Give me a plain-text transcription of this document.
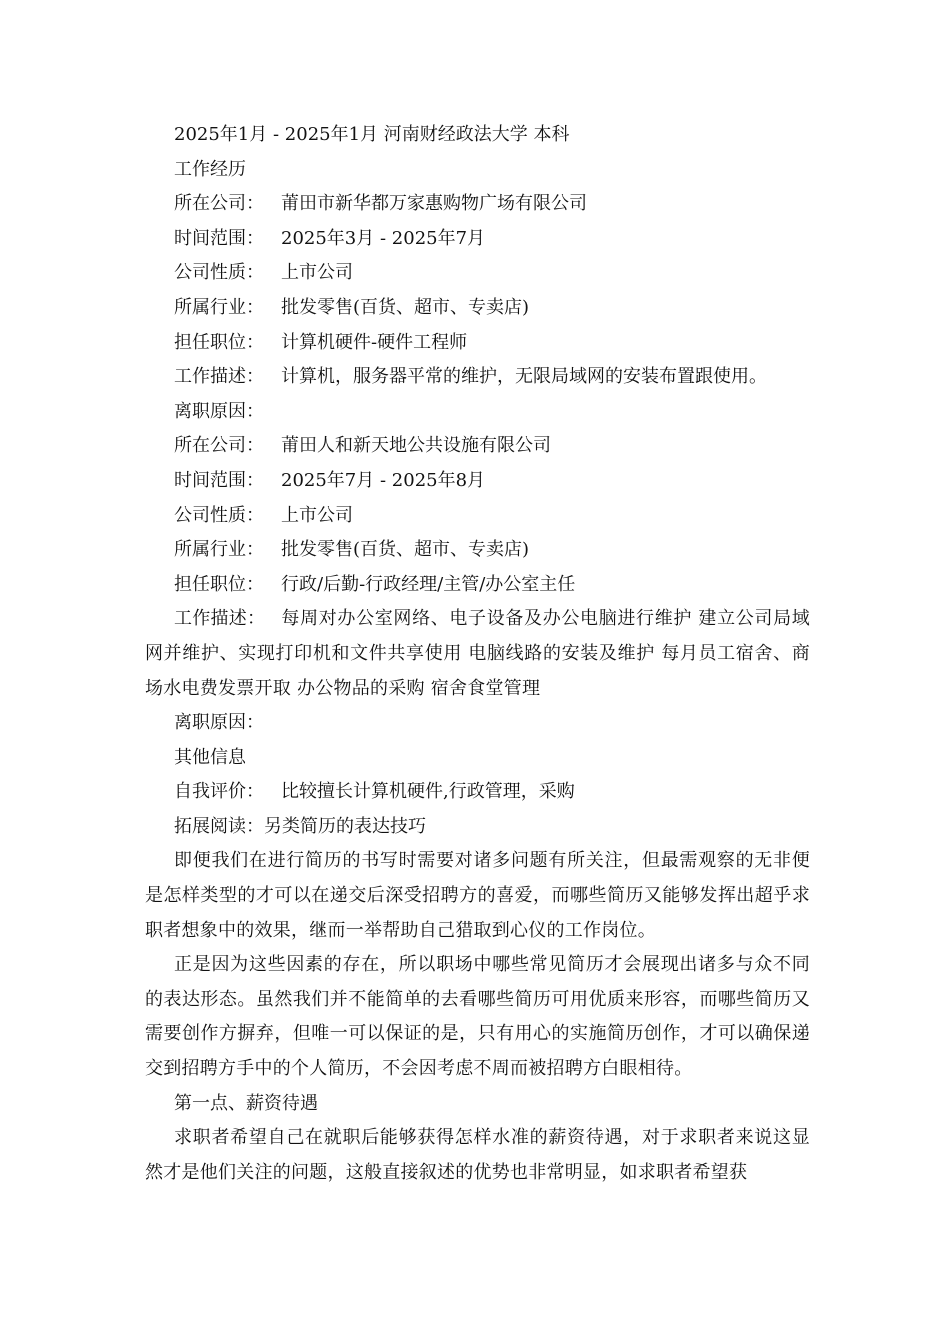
2025年1月 - 2025年1月 河南财经政法大学 本科

工作经历

所在公司： 莆田市新华都万家惠购物广场有限公司

时间范围： 2025年3月 - 2025年7月

公司性质： 上市公司

所属行业： 批发零售(百货、超市、专卖店)

担任职位： 计算机硬件-硬件工程师

工作描述： 计算机，服务器平常的维护，无限局域网的安装布置跟使用。

离职原因：

所在公司： 莆田人和新天地公共设施有限公司

时间范围： 2025年7月 - 2025年8月

公司性质： 上市公司

所属行业： 批发零售(百货、超市、专卖店)

担任职位： 行政/后勤-行政经理/主管/办公室主任

工作描述： 每周对办公室网络、电子设备及办公电脑进行维护 建立公司局域网并维护、实现打印机和文件共享使用 电脑线路的安装及维护 每月员工宿舍、商场水电费发票开取 办公物品的采购 宿舍食堂管理

离职原因：

其他信息

自我评价： 比较擅长计算机硬件,行政管理，采购

拓展阅读：另类简历的表达技巧

即便我们在进行简历的书写时需要对诸多问题有所关注，但最需观察的无非便是怎样类型的才可以在递交后深受招聘方的喜爱，而哪些简历又能够发挥出超乎求职者想象中的效果，继而一举帮助自己猎取到心仪的工作岗位。

正是因为这些因素的存在，所以职场中哪些常见简历才会展现出诸多与众不同的表达形态。虽然我们并不能简单的去看哪些简历可用优质来形容，而哪些简历又需要创作方摒弃，但唯一可以保证的是，只有用心的实施简历创作，才可以确保递交到招聘方手中的个人简历，不会因考虑不周而被招聘方白眼相待。

第一点、薪资待遇

求职者希望自己在就职后能够获得怎样水准的薪资待遇，对于求职者来说这显然才是他们关注的问题，这般直接叙述的优势也非常明显，如求职者希望获
